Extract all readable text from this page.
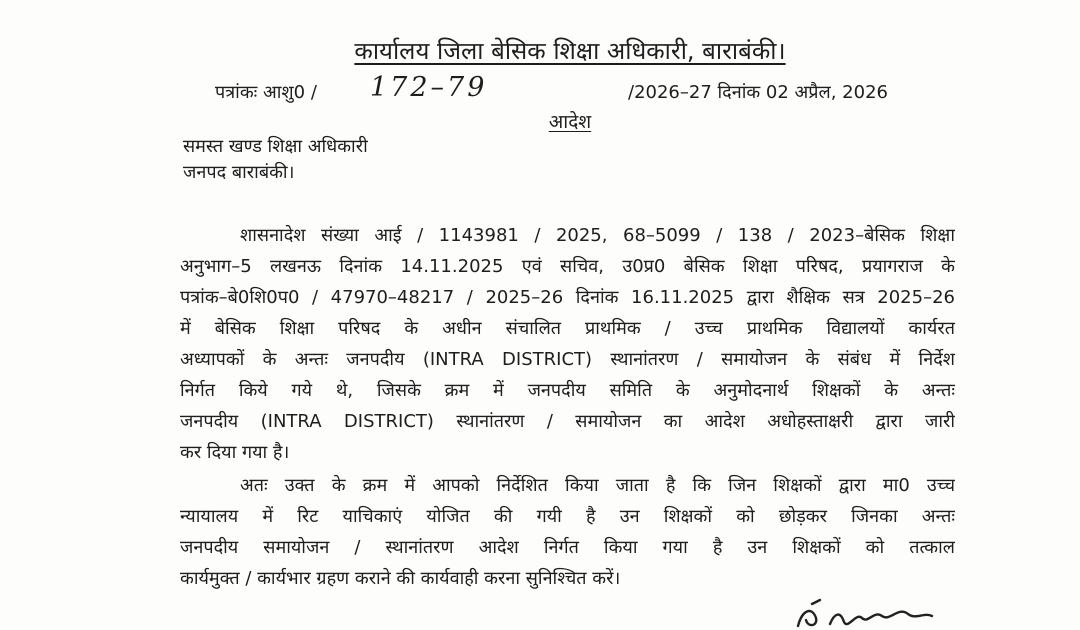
कार्यालय जिला बेसिक शिक्षा अधिकारी, बाराबंकी।
पत्रांकः आशु0 / 172–79	/2026–27 दिनांक 02 अप्रैल, 2026
आदेश
समस्त खण्ड शिक्षा अधिकारी
जनपद बाराबंकी।
शासनादेश संख्या आई / 1143981 / 2025, 68–5099 / 138 / 2023–बेसिक शिक्षा
अनुभाग–5 लखनऊ दिनांक 14.11.2025 एवं सचिव, उ0प्र0 बेसिक शिक्षा परिषद, प्रयागराज के
पत्रांक–बे0शि0प0 / 47970–48217 / 2025–26 दिनांक 16.11.2025 द्वारा शैक्षिक सत्र 2025–26
में बेसिक शिक्षा परिषद के अधीन संचालित प्राथमिक / उच्च प्राथमिक विद्यालयों कार्यरत
अध्यापकों के अन्तः जनपदीय (INTRA DISTRICT) स्थानांतरण / समायोजन के संबंध में निर्देश
निर्गत किये गये थे, जिसके क्रम में जनपदीय समिति के अनुमोदनार्थ शिक्षकों के अन्तः
जनपदीय (INTRA DISTRICT) स्थानांतरण / समायोजन का आदेश अधोहस्ताक्षरी द्वारा जारी
कर दिया गया है।
अतः उक्त के क्रम में आपको निर्देशित किया जाता है कि जिन शिक्षकों द्वारा मा0 उच्च
न्यायालय में रिट याचिकाएं योजित की गयी है उन शिक्षकों को छोड़कर जिनका अन्तः
जनपदीय समायोजन / स्थानांतरण आदेश निर्गत किया गया है उन शिक्षकों को तत्काल
कार्यमुक्त / कार्यभार ग्रहण कराने की कार्यवाही करना सुनिश्चित करें।
